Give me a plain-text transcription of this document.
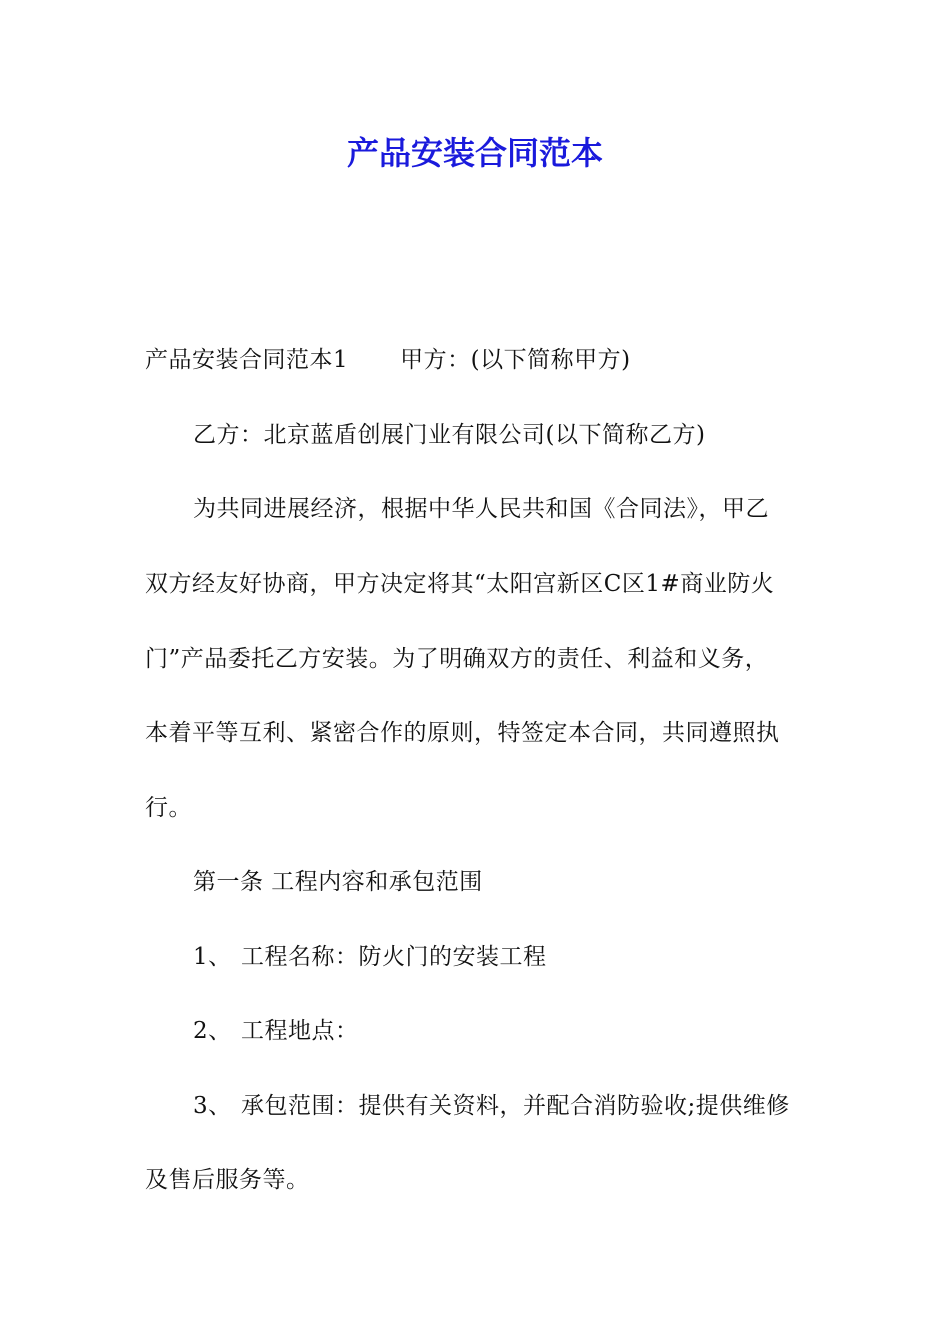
产品安装合同范本
产品安装合同范本1 甲方：(以下简称甲方)
乙方：北京蓝盾创展门业有限公司(以下简称乙方)
为共同进展经济，根据中华人民共和国《合同法》，甲乙
双方经友好协商，甲方决定将其“太阳宫新区C区1#商业防火
门”产品委托乙方安装。为了明确双方的责任、利益和义务，
本着平等互利、紧密合作的原则，特签定本合同，共同遵照执
行。
第一条 工程内容和承包范围
1、 工程名称：防火门的安装工程
2、 工程地点：
3、 承包范围：提供有关资料，并配合消防验收;提供维修
及售后服务等。
